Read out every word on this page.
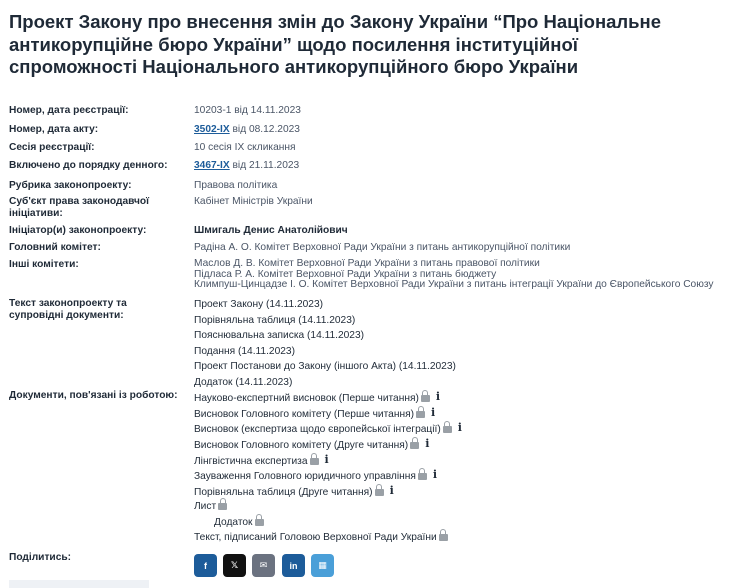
Проект Закону про внесення змін до Закону України “Про Національне антикорупційне бюро України” щодо посилення інституційної спроможності Національного антикорупційного бюро України
Номер, дата реєстрації:	10203-1 від 14.11.2023
Номер, дата акту:	3502-IX від 08.12.2023
Сесія реєстрації:	10 сесія IX скликання
Включено до порядку денного:	3467-IX від 21.11.2023
Рубрика законопроекту:	Правова політика
Суб'єкт права законодавчої ініціативи:
Кабінет Міністрів України
Ініціатор(и) законопроекту:	Шмигаль Денис Анатолійович
Головний комітет:	Радіна А. О. Комітет Верховної Ради України з питань антикорупційної політики
Інші комітети:	Маслов Д. В. Комітет Верховної Ради України з питань правової політики
Підласа Р. А. Комітет Верховної Ради України з питань бюджету
Климпуш-Цинцадзе І. О. Комітет Верховної Ради України з питань інтеграції України до Європейського Союзу
Текст законопроекту та супровідні документи:
Проект Закону (14.11.2023)
Порівняльна таблиця (14.11.2023)
Пояснювальна записка (14.11.2023)
Подання (14.11.2023)
Проект Постанови до Закону (іншого Акта) (14.11.2023)
Додаток (14.11.2023)
Документи, пов'язані із роботою:	Науково-експертний висновок (Перше читання) i
Висновок Головного комітету (Перше читання) i
Висновок (експертиза щодо європейської інтеграції) i
Висновок Головного комітету (Друге читання) i
Лінгвістична експертиза i
Зауваження Головного юридичного управління i
Порівняльна таблиця (Друге читання) i
Лист
Додаток
Текст, підписаний Головою Верховної Ради України
Поділитись:
f	𝕏	✉	in	▦
